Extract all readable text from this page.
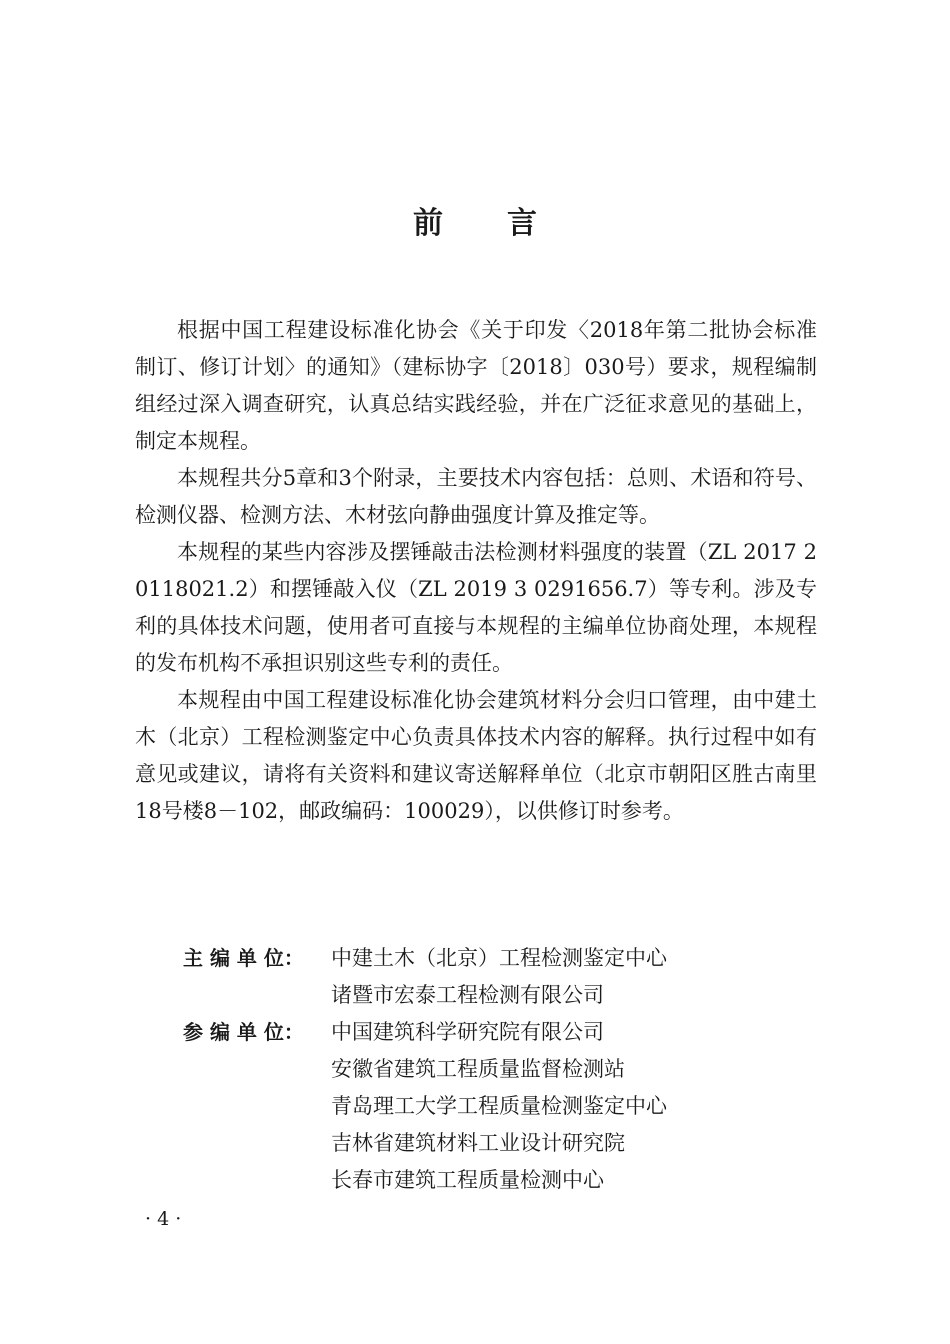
前 言

根据中国工程建设标准化协会《关于印发〈2018年第二批协会标准制订、修订计划〉的通知》（建标协字〔2018〕030号）要求，规程编制组经过深入调查研究，认真总结实践经验，并在广泛征求意见的基础上，制定本规程。

本规程共分5章和3个附录，主要技术内容包括：总则、术语和符号、检测仪器、检测方法、木材弦向静曲强度计算及推定等。

本规程的某些内容涉及摆锤敲击法检测材料强度的装置（ZL 2017 2 0118021.2）和摆锤敲入仪（ZL 2019 3 0291656.7）等专利。涉及专利的具体技术问题，使用者可直接与本规程的主编单位协商处理，本规程的发布机构不承担识别这些专利的责任。

本规程由中国工程建设标准化协会建筑材料分会归口管理，由中建土木（北京）工程检测鉴定中心负责具体技术内容的解释。执行过程中如有意见或建议，请将有关资料和建议寄送解释单位（北京市朝阳区胜古南里18号楼8－102，邮政编码：100029），以供修订时参考。

主 编 单 位：	中建土木（北京）工程检测鉴定中心
诸暨市宏泰工程检测有限公司
参 编 单 位：	中国建筑科学研究院有限公司
安徽省建筑工程质量监督检测站
青岛理工大学工程质量检测鉴定中心
吉林省建筑材料工业设计研究院
长春市建筑工程质量检测中心
· 4 ·
